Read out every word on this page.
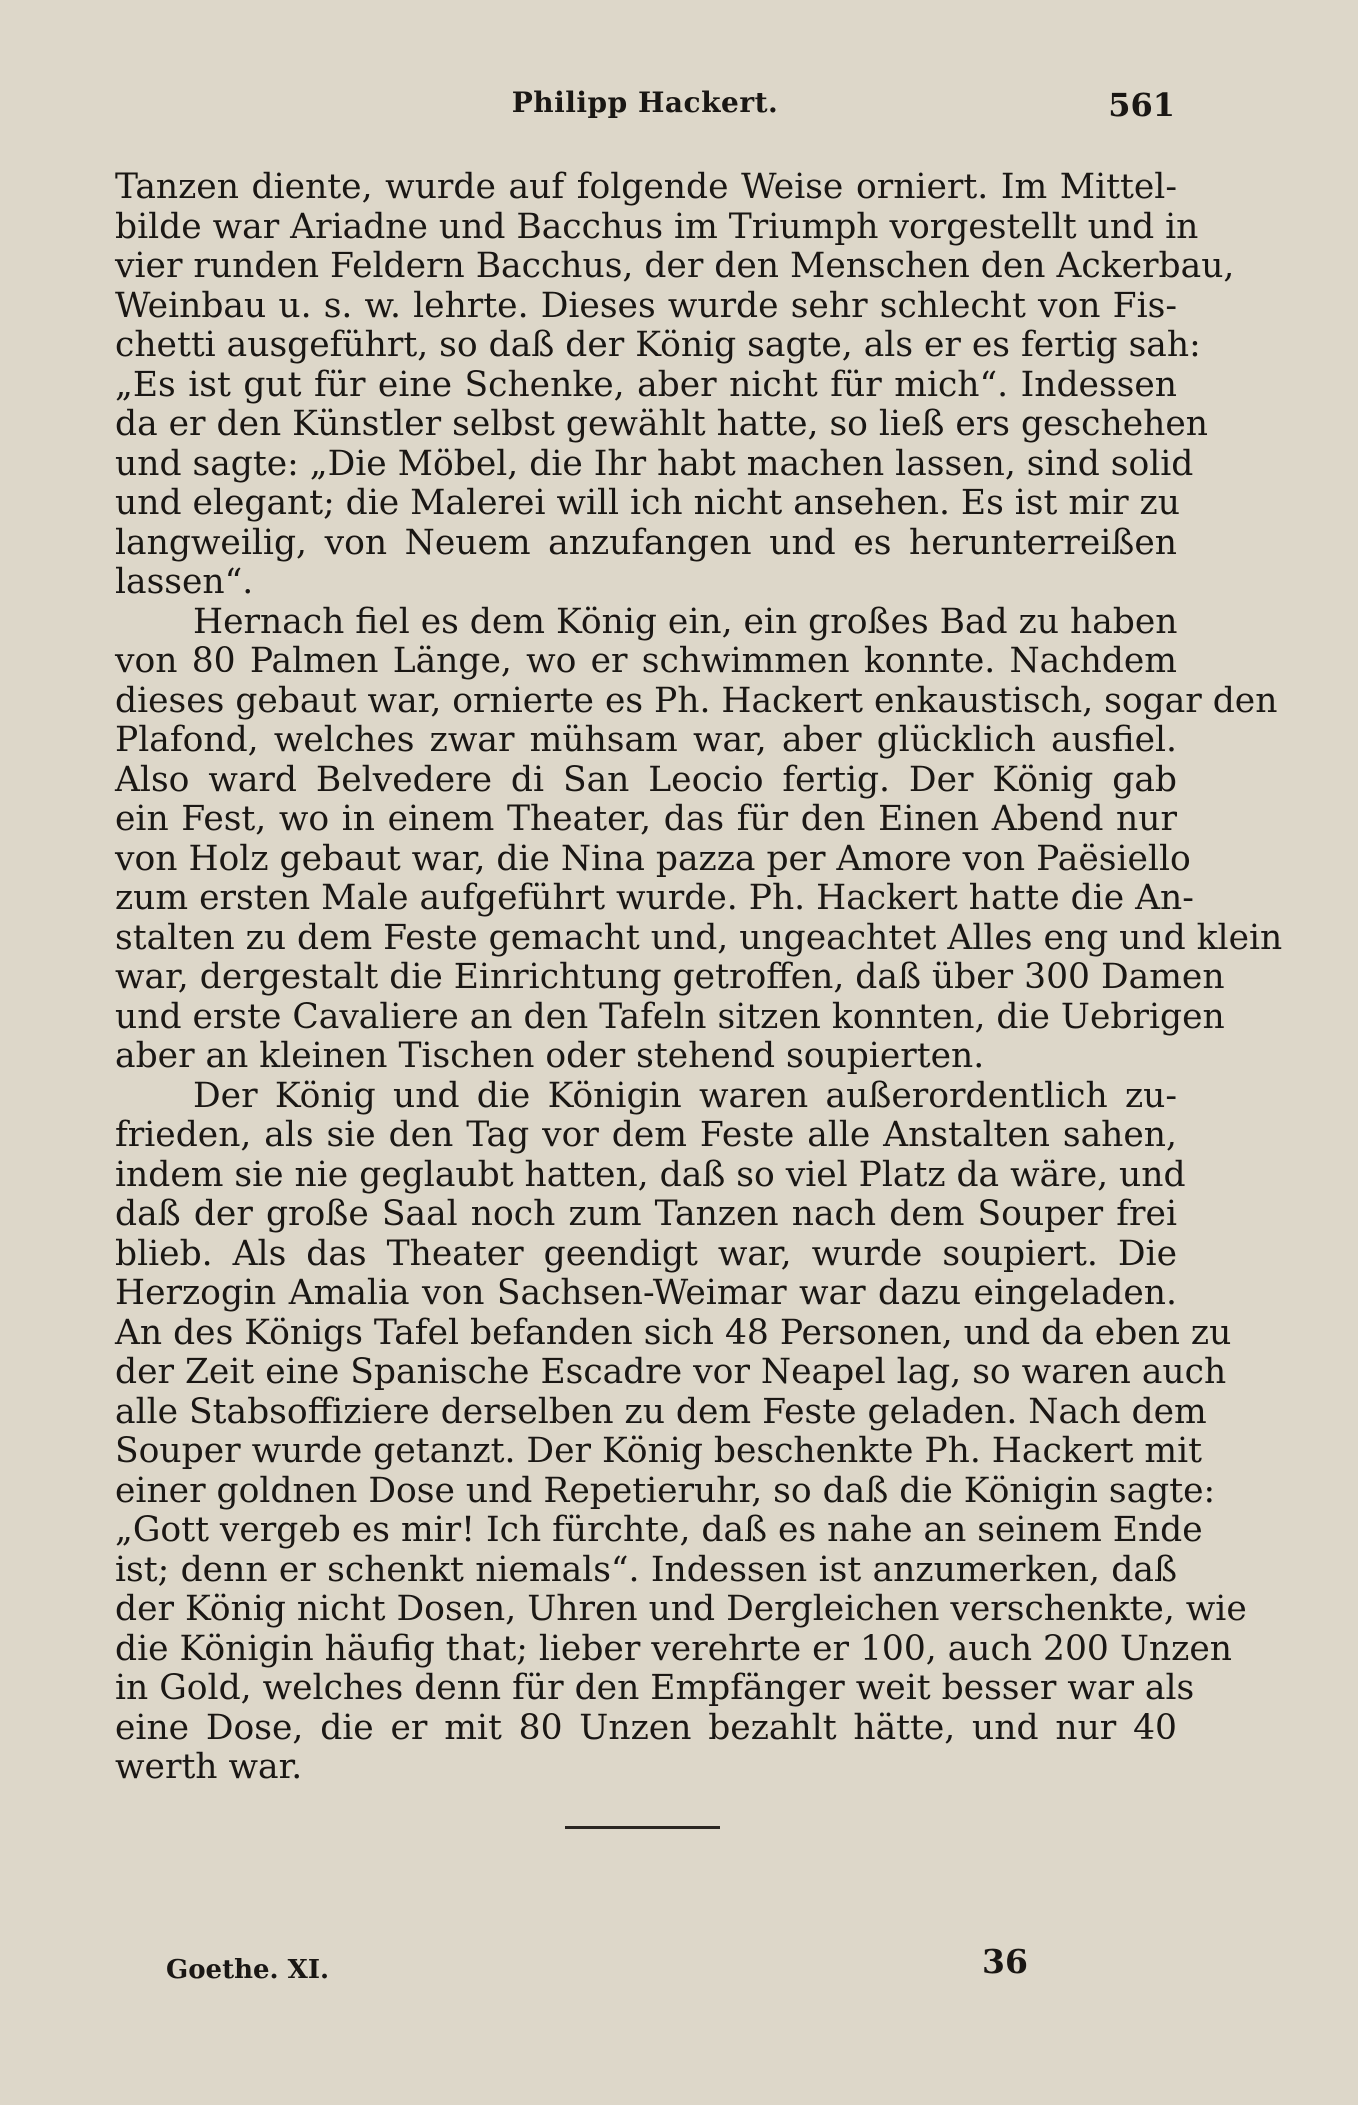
Philipp Hackert.	561
Tanzen diente, wurde auf folgende Weise orniert. Im Mittel-
bilde war Ariadne und Bacchus im Triumph vorgestellt und in
vier runden Feldern Bacchus, der den Menschen den Ackerbau,
Weinbau u. s. w. lehrte. Dieses wurde sehr schlecht von Fis-
chetti ausgeführt, so daß der König sagte, als er es fertig sah:
„Es ist gut für eine Schenke, aber nicht für mich“. Indessen
da er den Künstler selbst gewählt hatte, so ließ ers geschehen
und sagte: „Die Möbel, die Ihr habt machen lassen, sind solid
und elegant; die Malerei will ich nicht ansehen. Es ist mir zu
langweilig, von Neuem anzufangen und es herunterreißen
lassen“.
Hernach fiel es dem König ein, ein großes Bad zu haben
von 80 Palmen Länge, wo er schwimmen konnte. Nachdem
dieses gebaut war, ornierte es Ph. Hackert enkaustisch, sogar den
Plafond, welches zwar mühsam war, aber glücklich ausfiel.
Also ward Belvedere di San Leocio fertig. Der König gab
ein Fest, wo in einem Theater, das für den Einen Abend nur
von Holz gebaut war, die Nina pazza per Amore von Paësiello
zum ersten Male aufgeführt wurde. Ph. Hackert hatte die An-
stalten zu dem Feste gemacht und, ungeachtet Alles eng und klein
war, dergestalt die Einrichtung getroffen, daß über 300 Damen
und erste Cavaliere an den Tafeln sitzen konnten, die Uebrigen
aber an kleinen Tischen oder stehend soupierten.
Der König und die Königin waren außerordentlich zu-
frieden, als sie den Tag vor dem Feste alle Anstalten sahen,
indem sie nie geglaubt hatten, daß so viel Platz da wäre, und
daß der große Saal noch zum Tanzen nach dem Souper frei
blieb. Als das Theater geendigt war, wurde soupiert. Die
Herzogin Amalia von Sachsen-Weimar war dazu eingeladen.
An des Königs Tafel befanden sich 48 Personen, und da eben zu
der Zeit eine Spanische Escadre vor Neapel lag, so waren auch
alle Stabsoffiziere derselben zu dem Feste geladen. Nach dem
Souper wurde getanzt. Der König beschenkte Ph. Hackert mit
einer goldnen Dose und Repetieruhr, so daß die Königin sagte:
„Gott vergeb es mir! Ich fürchte, daß es nahe an seinem Ende
ist; denn er schenkt niemals“. Indessen ist anzumerken, daß
der König nicht Dosen, Uhren und Dergleichen verschenkte, wie
die Königin häufig that; lieber verehrte er 100, auch 200 Unzen
in Gold, welches denn für den Empfänger weit besser war als
eine Dose, die er mit 80 Unzen bezahlt hätte, und nur 40
werth war.
Goethe. XI.	36
